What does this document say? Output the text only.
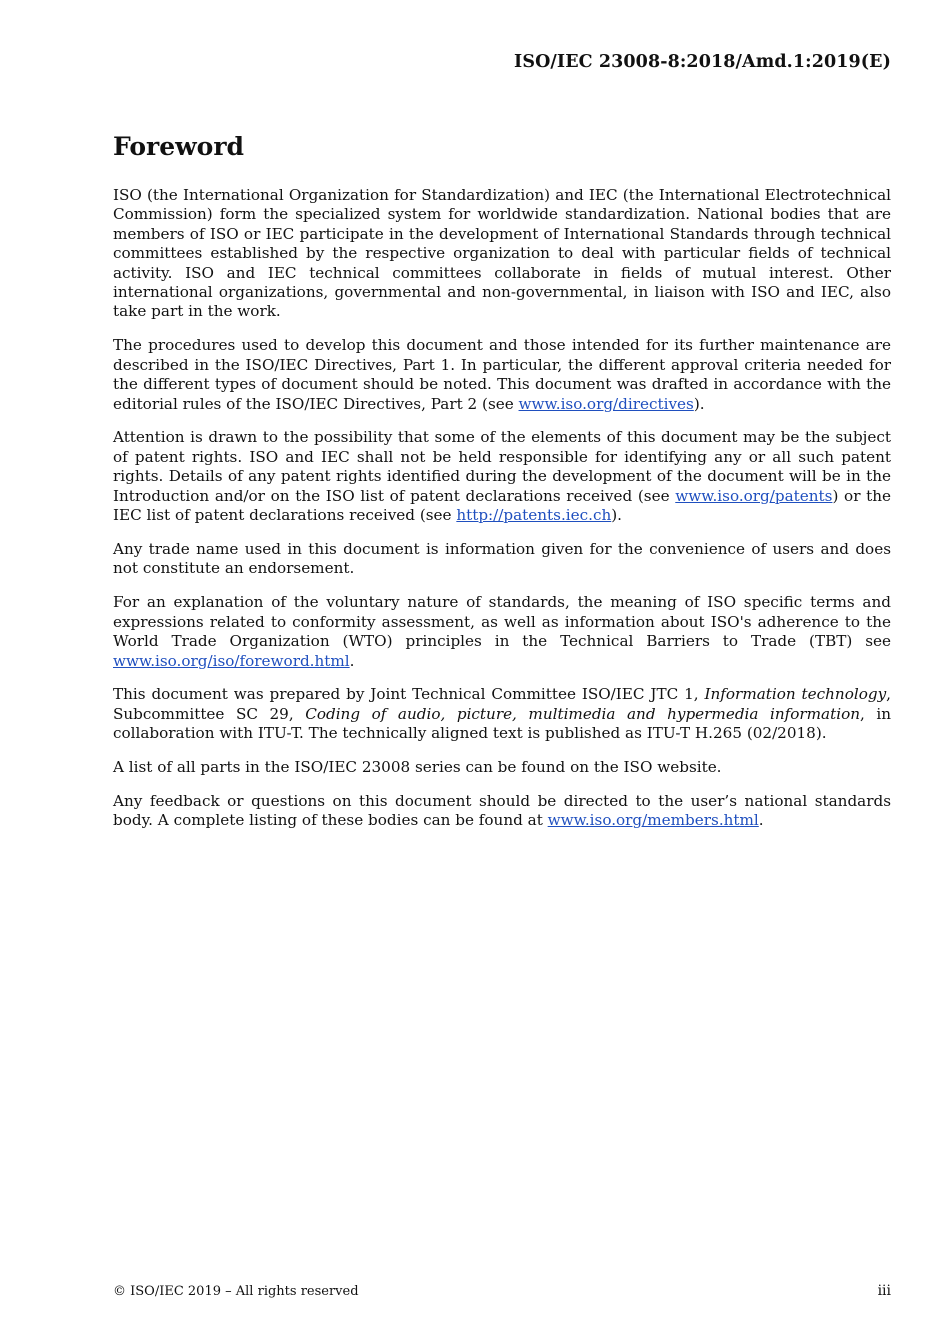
ISO/IEC 23008-8:2018/Amd.1:2019(E)
Foreword

ISO (the International Organization for Standardization) and IEC (the International Electrotechnical Commission) form the specialized system for worldwide standardization. National bodies that are members of ISO or IEC participate in the development of International Standards through technical committees established by the respective organization to deal with particular fields of technical activity. ISO and IEC technical committees collaborate in fields of mutual interest. Other international organizations, governmental and non-governmental, in liaison with ISO and IEC, also take part in the work.

The procedures used to develop this document and those intended for its further maintenance are described in the ISO/IEC Directives, Part 1. In particular, the different approval criteria needed for the different types of document should be noted. This document was drafted in accordance with the editorial rules of the ISO/IEC Directives, Part 2 (see www.iso.org/directives).

Attention is drawn to the possibility that some of the elements of this document may be the subject of patent rights. ISO and IEC shall not be held responsible for identifying any or all such patent rights. Details of any patent rights identified during the development of the document will be in the Introduction and/or on the ISO list of patent declarations received (see www.iso.org/patents) or the IEC list of patent declarations received (see http://patents.iec.ch).

Any trade name used in this document is information given for the convenience of users and does not constitute an endorsement.

For an explanation of the voluntary nature of standards, the meaning of ISO specific terms and expressions related to conformity assessment, as well as information about ISO's adherence to the World Trade Organization (WTO) principles in the Technical Barriers to Trade (TBT) see www.iso.org/iso/foreword.html.

This document was prepared by Joint Technical Committee ISO/IEC JTC 1, Information technology, Subcommittee SC 29, Coding of audio, picture, multimedia and hypermedia information, in collaboration with ITU-T. The technically aligned text is published as ITU-T H.265 (02/2018).

A list of all parts in the ISO/IEC 23008 series can be found on the ISO website.

Any feedback or questions on this document should be directed to the user’s national standards body. A complete listing of these bodies can be found at www.iso.org/members.html.

© ISO/IEC 2019 – All rights reserved	iii
